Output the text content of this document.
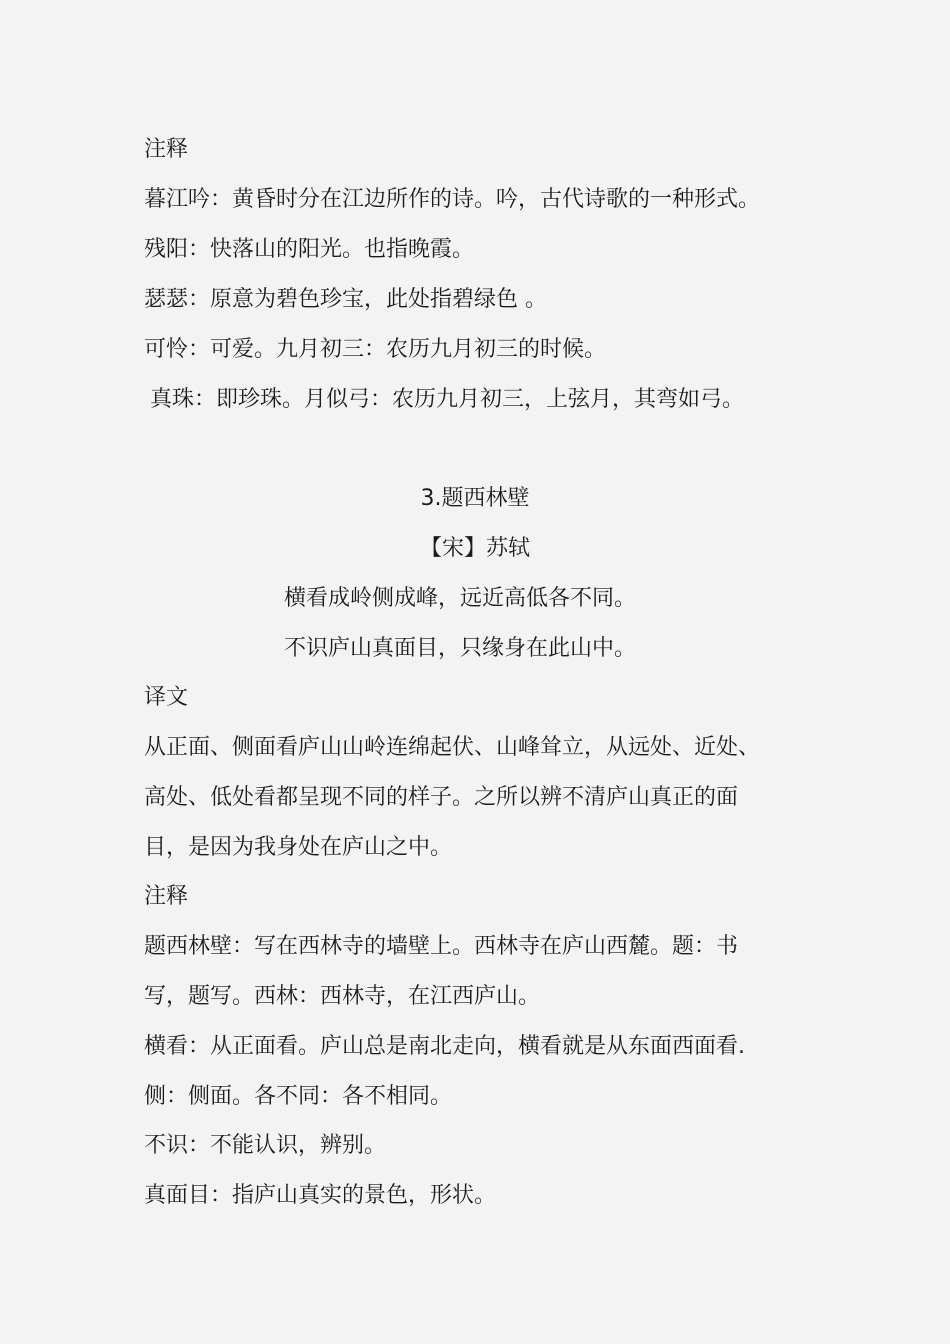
注释
暮江吟：黄昏时分在江边所作的诗。吟，古代诗歌的一种形式。
残阳：快落山的阳光。也指晚霞。
瑟瑟：原意为碧色珍宝，此处指碧绿色 。
可怜：可爱。九月初三：农历九月初三的时候。
真珠：即珍珠。月似弓：农历九月初三，上弦月，其弯如弓。
3.题西林壁
【宋】苏轼
横看成岭侧成峰，远近高低各不同。
不识庐山真面目，只缘身在此山中。
译文
从正面、侧面看庐山山岭连绵起伏、山峰耸立，从远处、近处、
高处、低处看都呈现不同的样子。之所以辨不清庐山真正的面
目，是因为我身处在庐山之中。
注释
题西林壁：写在西林寺的墙壁上。西林寺在庐山西麓。题：书
写，题写。西林：西林寺，在江西庐山。
横看：从正面看。庐山总是南北走向，横看就是从东面西面看.
侧：侧面。各不同：各不相同。
不识：不能认识，辨别。
真面目：指庐山真实的景色，形状。
